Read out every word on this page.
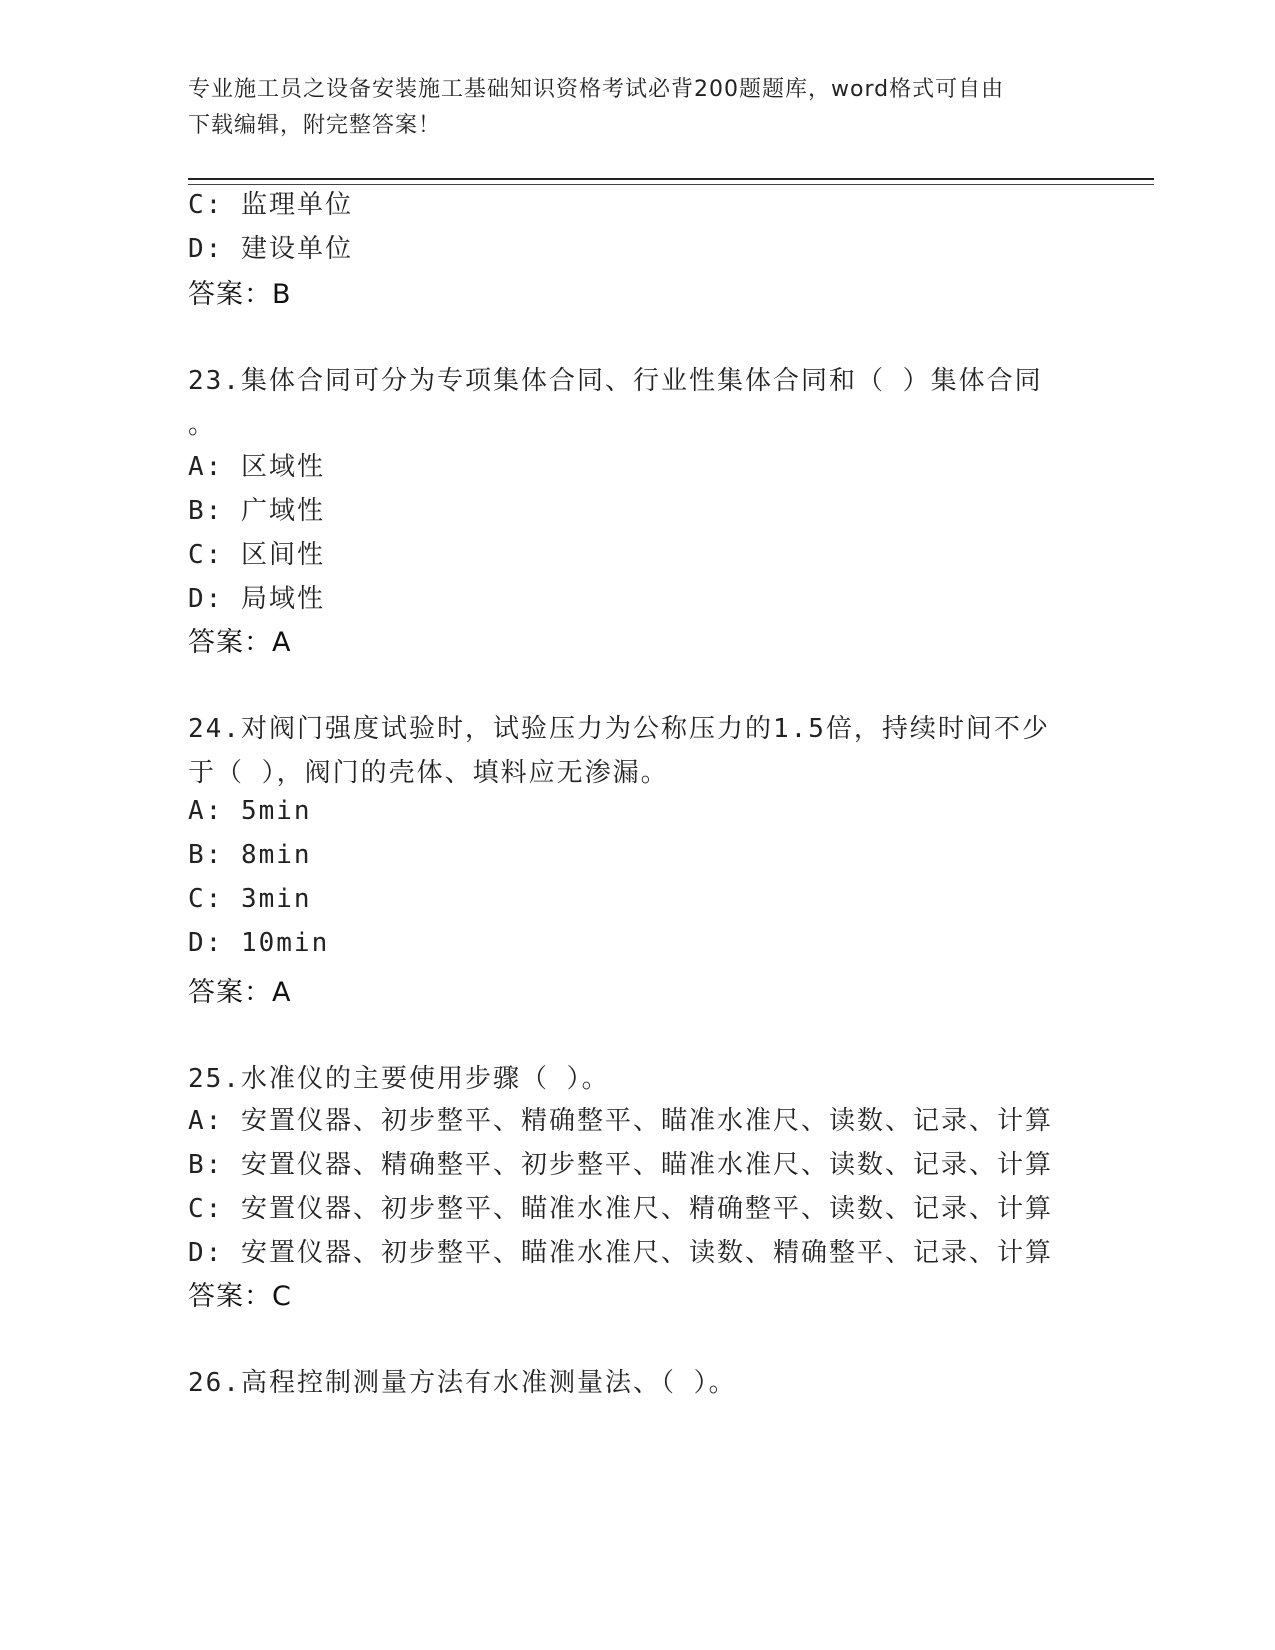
专业施工员之设备安装施工基础知识资格考试必背200题题库，word格式可自由
下载编辑，附完整答案！
C: 监理单位
D: 建设单位
答案：B
23.集体合同可分为专项集体合同、行业性集体合同和（ ）集体合同
。
A: 区域性
B: 广域性
C: 区间性
D: 局域性
答案：A
24.对阀门强度试验时，试验压力为公称压力的1.5倍，持续时间不少
于（ ），阀门的壳体、填料应无渗漏。
A: 5min
B: 8min
C: 3min
D: 10min
答案：A
25.水准仪的主要使用步骤（ ）。
A: 安置仪器、初步整平、精确整平、瞄准水准尺、读数、记录、计算
B: 安置仪器、精确整平、初步整平、瞄准水准尺、读数、记录、计算
C: 安置仪器、初步整平、瞄准水准尺、精确整平、读数、记录、计算
D: 安置仪器、初步整平、瞄准水准尺、读数、精确整平、记录、计算
答案：C
26.高程控制测量方法有水准测量法、（ ）。
